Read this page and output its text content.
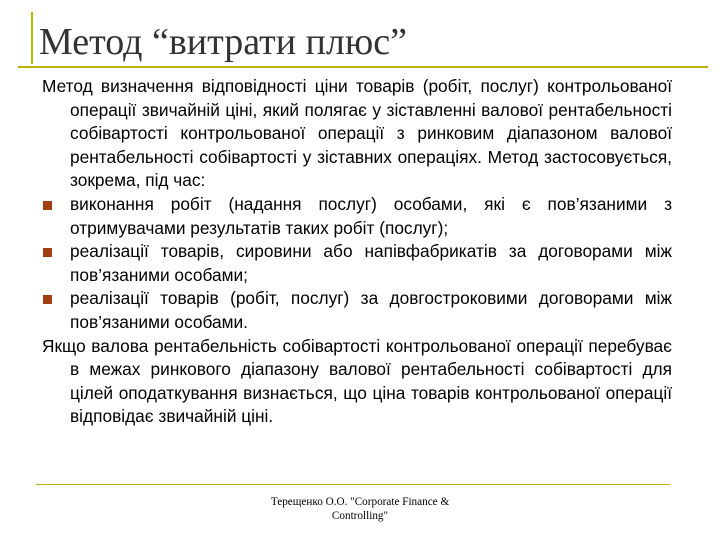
Метод “витрати плюс”

Метод визначення відповідності ціни товарів (робіт, послуг) контрольованої операції звичайній ціні, який полягає у зіставленні валової рентабельності собівартості контрольованої операції з ринковим діапазоном валової рентабельності собівартості у зіставних операціях. Метод застосовується, зокрема, під час:

виконання робіт (надання послуг) особами, які є пов’язаними з отримувачами результатів таких робіт (послуг);
реалізації товарів, сировини або напівфабрикатів за договорами між пов’язаними особами;
реалізації товарів (робіт, послуг) за довгостроковими договорами між пов’язаними особами.

Якщо валова рентабельність собівартості контрольованої операції перебуває в межах ринкового діапазону валової рентабельності собівартості для цілей оподаткування визнається, що ціна товарів контрольованої операції відповідає звичайній ціні.

Терещенко О.О. "Corporate Finance &
Controlling"
